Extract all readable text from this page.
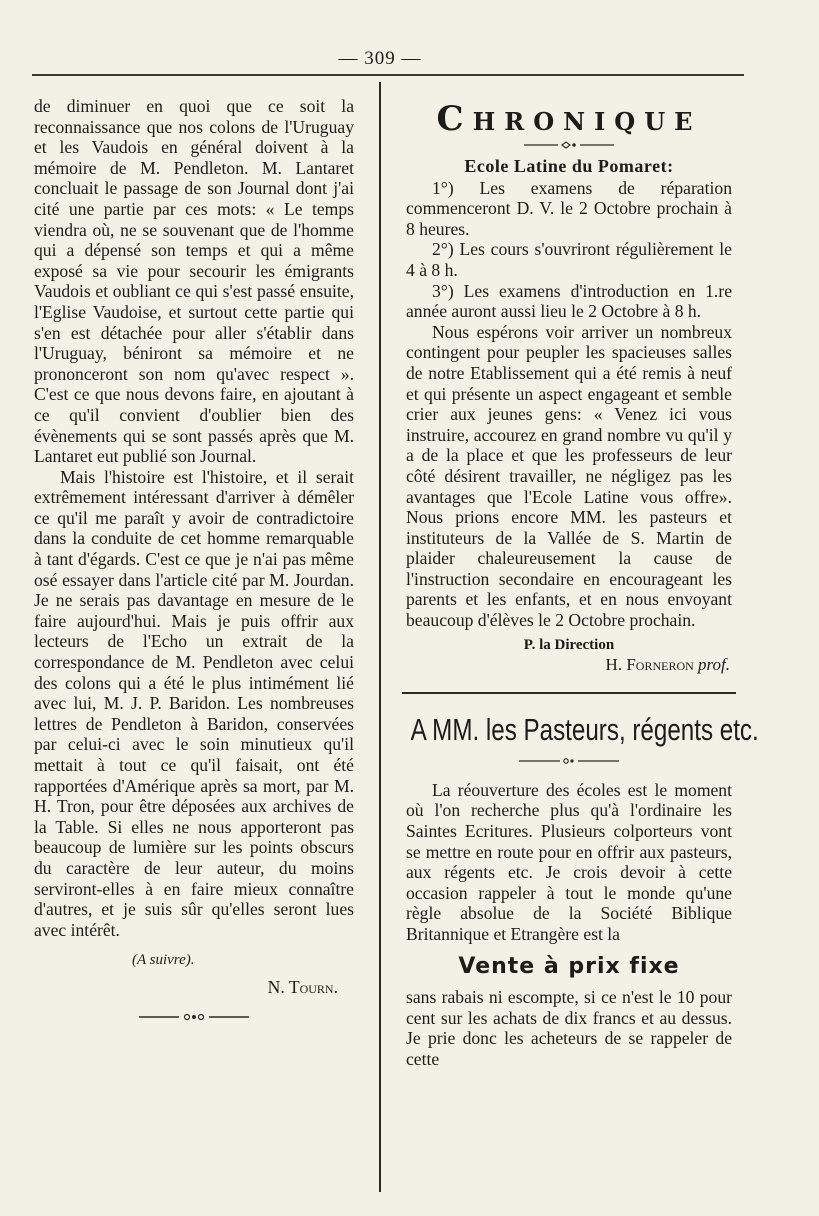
— 309 —

de diminuer en quoi que ce soit la reconnaissance que nos colons de l'Uruguay et les Vaudois en général doivent à la mémoire de M. Pendleton. M. Lantaret concluait le passage de son Journal dont j'ai cité une partie par ces mots: « Le temps viendra où, ne se souvenant que de l'homme qui a dépensé son temps et qui a même exposé sa vie pour secourir les émigrants Vaudois et oubliant ce qui s'est passé ensuite, l'Eglise Vaudoise, et surtout cette partie qui s'en est détachée pour aller s'établir dans l'Uruguay, béniront sa mémoire et ne prononceront son nom qu'avec respect ». C'est ce que nous devons faire, en ajoutant à ce qu'il convient d'oublier bien des évènements qui se sont passés après que M. Lantaret eut publié son Journal.

Mais l'histoire est l'histoire, et il serait extrêmement intéressant d'arriver à démêler ce qu'il me paraît y avoir de contradictoire dans la conduite de cet homme remarquable à tant d'égards. C'est ce que je n'ai pas même osé essayer dans l'article cité par M. Jourdan. Je ne serais pas davantage en mesure de le faire aujourd'hui. Mais je puis offrir aux lecteurs de l'Echo un extrait de la correspondance de M. Pendleton avec celui des colons qui a été le plus intimément lié avec lui, M. J. P. Baridon. Les nombreuses lettres de Pendleton à Baridon, conservées par celui-ci avec le soin minutieux qu'il mettait à tout ce qu'il faisait, ont été rapportées d'Amérique après sa mort, par M. H. Tron, pour être déposées aux archives de la Table. Si elles ne nous apporteront pas beaucoup de lumière sur les points obscurs du caractère de leur auteur, du moins serviront-elles à en faire mieux connaître d'autres, et je suis sûr qu'elles seront lues avec intérêt.

(A suivre).
N. Tourn.
Chronique
Ecole Latine du Pomaret:

1°) Les examens de réparation commenceront D. V. le 2 Octobre prochain à 8 heures.

2°) Les cours s'ouvriront régulièrement le 4 à 8 h.

3°) Les examens d'introduction en 1.re année auront aussi lieu le 2 Octobre à 8 h.

Nous espérons voir arriver un nombreux contingent pour peupler les spacieuses salles de notre Etablissement qui a été remis à neuf et qui présente un aspect engageant et semble crier aux jeunes gens: « Venez ici vous instruire, accourez en grand nombre vu qu'il y a de la place et que les professeurs de leur côté désirent travailler, ne négligez pas les avantages que l'Ecole Latine vous offre». Nous prions encore MM. les pasteurs et instituteurs de la Vallée de S. Martin de plaider chaleureusement la cause de l'instruction secondaire en encourageant les parents et les enfants, et en nous envoyant beaucoup d'élèves le 2 Octobre prochain.

P. la Direction
H. Forneron prof.
A MM. les Pasteurs, régents etc.

La réouverture des écoles est le moment où l'on recherche plus qu'à l'ordinaire les Saintes Ecritures. Plusieurs colporteurs vont se mettre en route pour en offrir aux pasteurs, aux régents etc. Je crois devoir à cette occasion rappeler à tout le monde qu'une règle absolue de la Société Biblique Britannique et Etrangère est la

Vente à prix fixe

sans rabais ni escompte, si ce n'est le 10 pour cent sur les achats de dix francs et au dessus. Je prie donc les acheteurs de se rappeler de cette
